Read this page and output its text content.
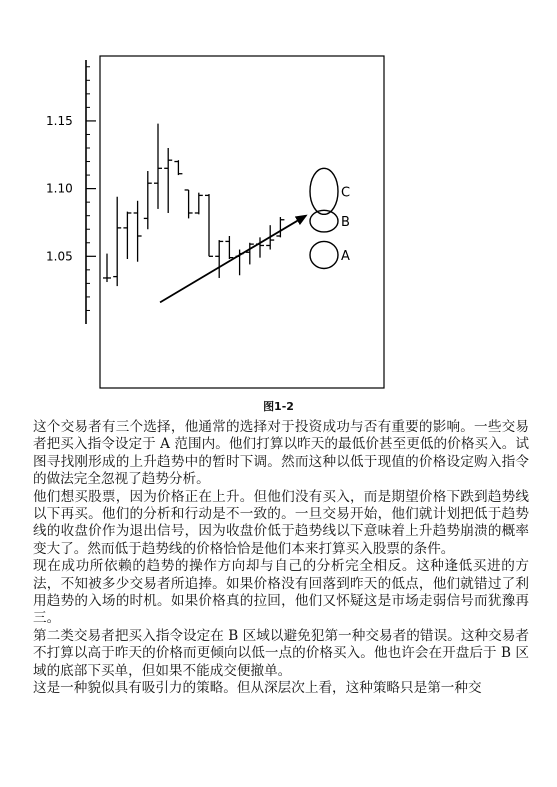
1.15
1.10
1.05
C
B
A
图1-2

这个交易者有三个选择，他通常的选择对于投资成功与否有重要的影响。一些交易者把买入指令设定于 A 范围内。他们打算以昨天的最低价甚至更低的价格买入。试图寻找刚形成的上升趋势中的暂时下调。然而这种以低于现值的价格设定购入指令的做法完全忽视了趋势分析。

他们想买股票，因为价格正在上升。但他们没有买入，而是期望价格下跌到趋势线以下再买。他们的分析和行动是不一致的。一旦交易开始，他们就计划把低于趋势线的收盘价作为退出信号，因为收盘价低于趋势线以下意味着上升趋势崩溃的概率变大了。然而低于趋势线的价格恰恰是他们本来打算买入股票的条件。

现在成功所依赖的趋势的操作方向却与自己的分析完全相反。这种逢低买进的方法，不知被多少交易者所追捧。如果价格没有回落到昨天的低点，他们就错过了利用趋势的入场的时机。如果价格真的拉回，他们又怀疑这是市场走弱信号而犹豫再三。

第二类交易者把买入指令设定在 B 区域以避免犯第一种交易者的错误。这种交易者不打算以高于昨天的价格而更倾向以低一点的价格买入。他也许会在开盘后于 B 区域的底部下买单，但如果不能成交便撤单。

这是一种貌似具有吸引力的策略。但从深层次上看，这种策略只是第一种交
